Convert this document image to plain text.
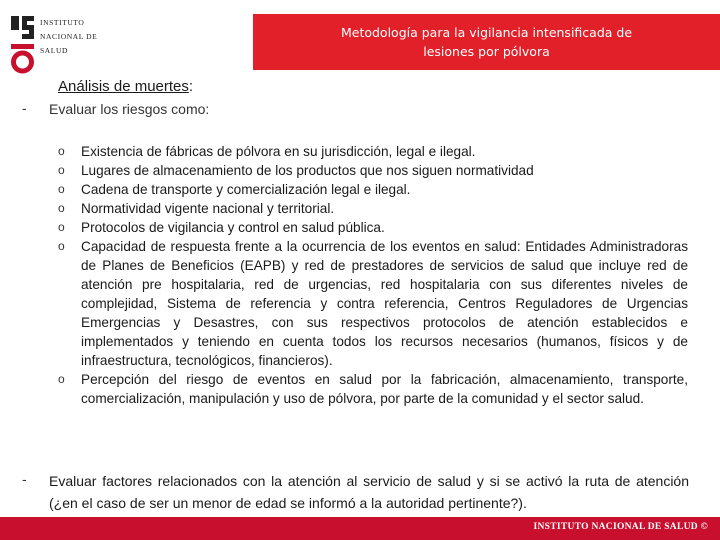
INSTITUTO
NACIONAL DE
SALUD
Metodología para la vigilancia intensificada de
lesiones por pólvora
Análisis de muertes:
- Evaluar los riesgos como:
o Existencia de fábricas de pólvora en su jurisdicción, legal e ilegal.
o Lugares de almacenamiento de los productos que nos siguen normatividad
o Cadena de transporte y comercialización legal e ilegal.
o Normatividad vigente nacional y territorial.
o Protocolos de vigilancia y control en salud pública.
o Capacidad de respuesta frente a la ocurrencia de los eventos en salud: Entidades Administradoras de Planes de Beneficios (EAPB) y red de prestadores de servicios de salud que incluye red de atención pre hospitalaria, red de urgencias, red hospitalaria con sus diferentes niveles de complejidad, Sistema de referencia y contra referencia, Centros Reguladores de Urgencias Emergencias y Desastres, con sus respectivos protocolos de atención establecidos e implementados y teniendo en cuenta todos los recursos necesarios (humanos, físicos y de infraestructura, tecnológicos, financieros).
o Percepción del riesgo de eventos en salud por la fabricación, almacenamiento, transporte, comercialización, manipulación y uso de pólvora, por parte de la comunidad y el sector salud.
- Evaluar factores relacionados con la atención al servicio de salud y si se activó la ruta de atención (¿en el caso de ser un menor de edad se informó a la autoridad pertinente?).
INSTITUTO NACIONAL DE SALUD ©
